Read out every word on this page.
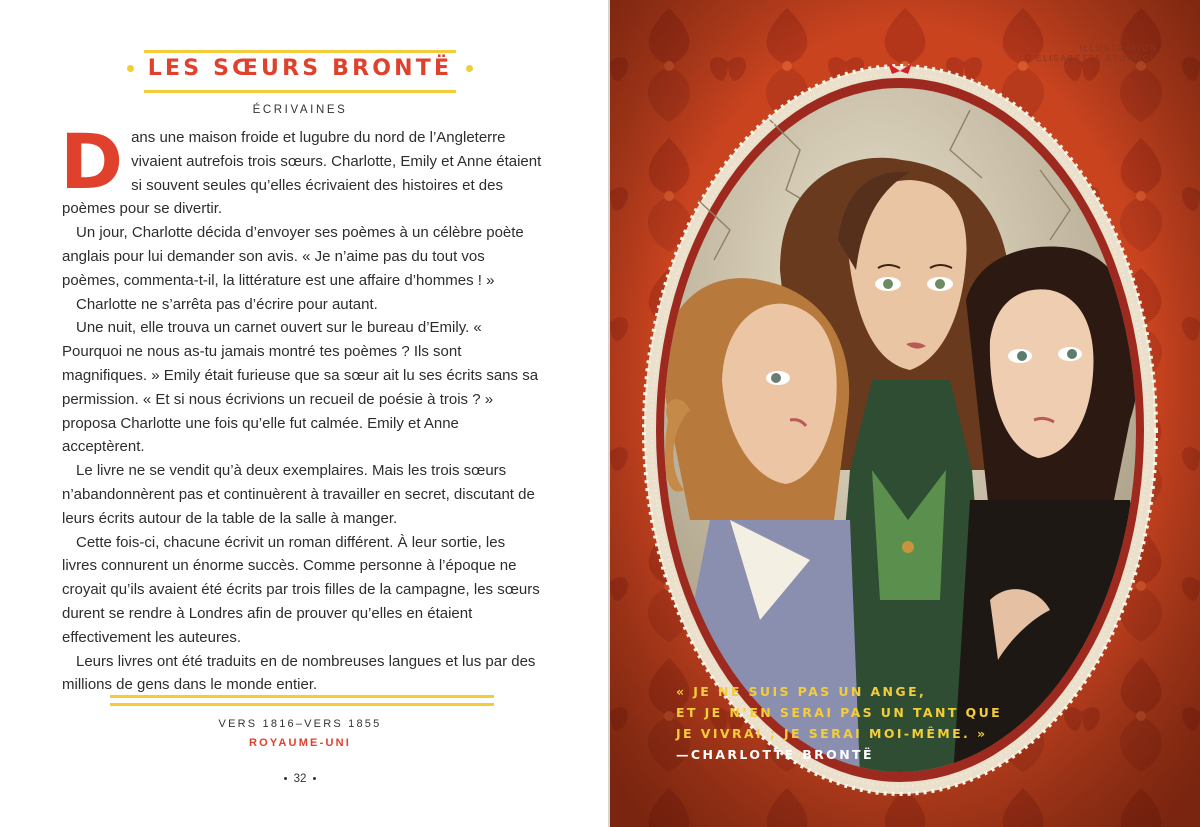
LES SŒURS BRONTË
ÉCRIVAINES

Dans une maison froide et lugubre du nord de l’Angleterre vivaient autrefois trois sœurs. Charlotte, Emily et Anne étaient si souvent seules qu’elles écrivaient des histoires et des poèmes pour se divertir.

Un jour, Charlotte décida d’envoyer ses poèmes à un célèbre poète anglais pour lui demander son avis. « Je n’aime pas du tout vos poèmes, commenta-t-il, la littérature est une affaire d’hommes ! »

Charlotte ne s’arrêta pas d’écrire pour autant.

Une nuit, elle trouva un carnet ouvert sur le bureau d’Emily. « Pourquoi ne nous as-tu jamais montré tes poèmes ? Ils sont magnifiques. » Emily était furieuse que sa sœur ait lu ses écrits sans sa permission. « Et si nous écrivions un recueil de poésie à trois ? » proposa Charlotte une fois qu’elle fut calmée. Emily et Anne acceptèrent.

Le livre ne se vendit qu’à deux exemplaires. Mais les trois sœurs n’abandonnèrent pas et continuèrent à travailler en secret, discutant de leurs écrits autour de la table de la salle à manger.

Cette fois-ci, chacune écrivit un roman différent. À leur sortie, les livres connurent un énorme succès. Comme personne à l’époque ne croyait qu’ils avaient été écrits par trois filles de la campagne, les sœurs durent se rendre à Londres afin de prouver qu’elles en étaient effectivement les auteures.

Leurs livres ont été traduits en de nombreuses langues et lus par des millions de gens dans le monde entier.

VERS 1816–VERS 1855
ROYAUME-UNI
32
ILLUSTRATION
D’ELISABETTA STOINICH
« JE NE SUIS PAS UN ANGE,
ET JE N’EN SERAI PAS UN TANT QUE
JE VIVRAI ; JE SERAI MOI-MÊME. »
—CHARLOTTE BRONTË
